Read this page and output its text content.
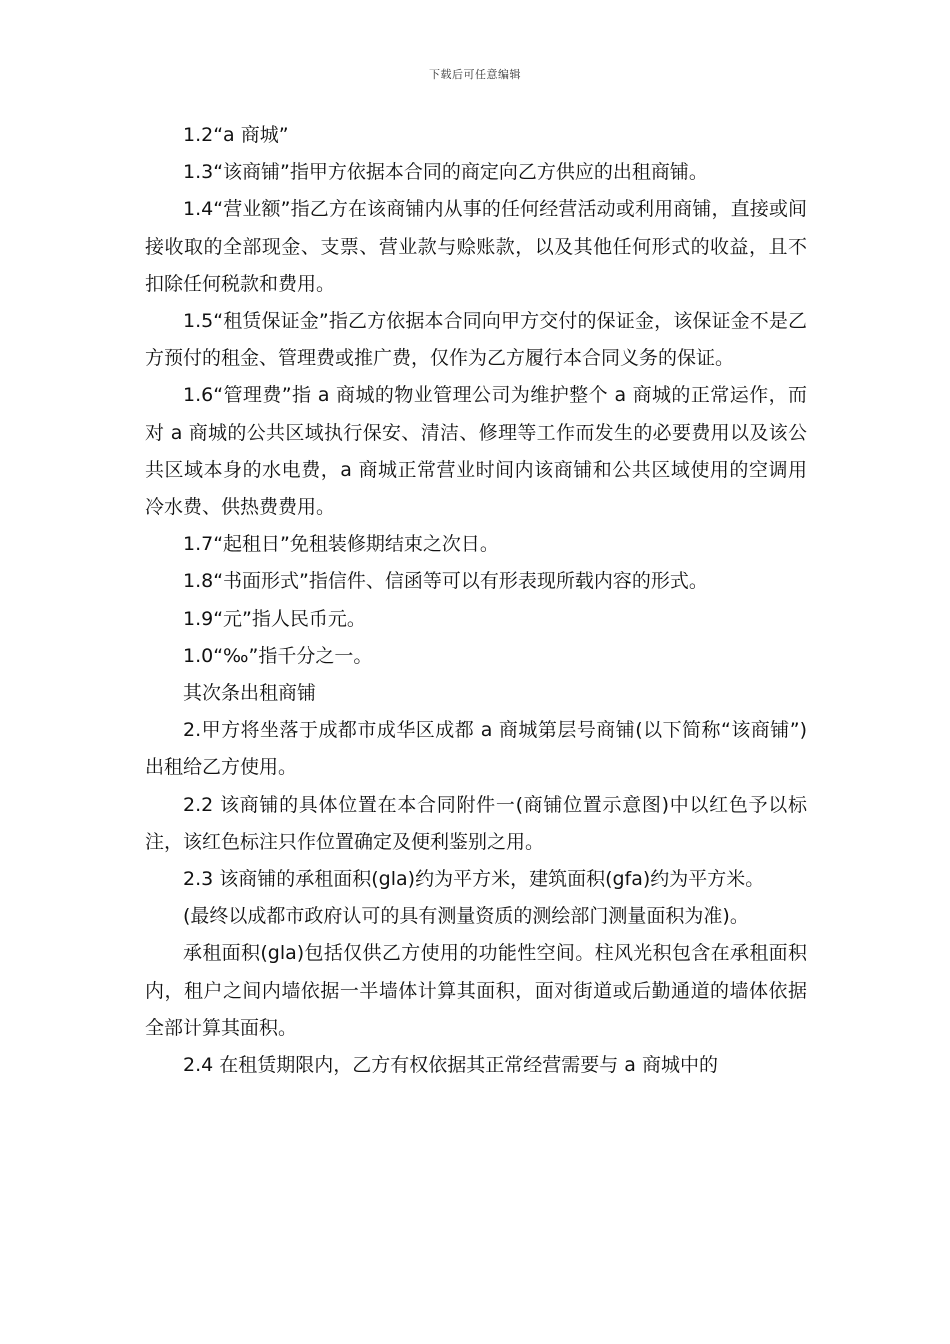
下载后可任意编辑

1.2“a 商城”

1.3“该商铺”指甲方依据本合同的商定向乙方供应的出租商铺。

1.4“营业额”指乙方在该商铺内从事的任何经营活动或利用商铺，直接或间接收取的全部现金、支票、营业款与赊账款，以及其他任何形式的收益，且不扣除任何税款和费用。

1.5“租赁保证金”指乙方依据本合同向甲方交付的保证金，该保证金不是乙方预付的租金、管理费或推广费，仅作为乙方履行本合同义务的保证。

1.6“管理费”指 a 商城的物业管理公司为维护整个 a 商城的正常运作，而对 a 商城的公共区域执行保安、清洁、修理等工作而发生的必要费用以及该公共区域本身的水电费，a 商城正常营业时间内该商铺和公共区域使用的空调用冷水费、供热费费用。

1.7“起租日”免租装修期结束之次日。

1.8“书面形式”指信件、信函等可以有形表现所载内容的形式。

1.9“元”指人民币元。

1.0“‰”指千分之一。

其次条出租商铺

2.甲方将坐落于成都市成华区成都 a 商城第层号商铺(以下简称“该商铺”)出租给乙方使用。

2.2 该商铺的具体位置在本合同附件一(商铺位置示意图)中以红色予以标注，该红色标注只作位置确定及便利鉴别之用。

2.3 该商铺的承租面积(gla)约为平方米，建筑面积(gfa)约为平方米。

(最终以成都市政府认可的具有测量资质的测绘部门测量面积为准)。

承租面积(gla)包括仅供乙方使用的功能性空间。柱风光积包含在承租面积内，租户之间内墙依据一半墙体计算其面积，面对街道或后勤通道的墙体依据全部计算其面积。

2.4 在租赁期限内，乙方有权依据其正常经营需要与 a 商城中的
